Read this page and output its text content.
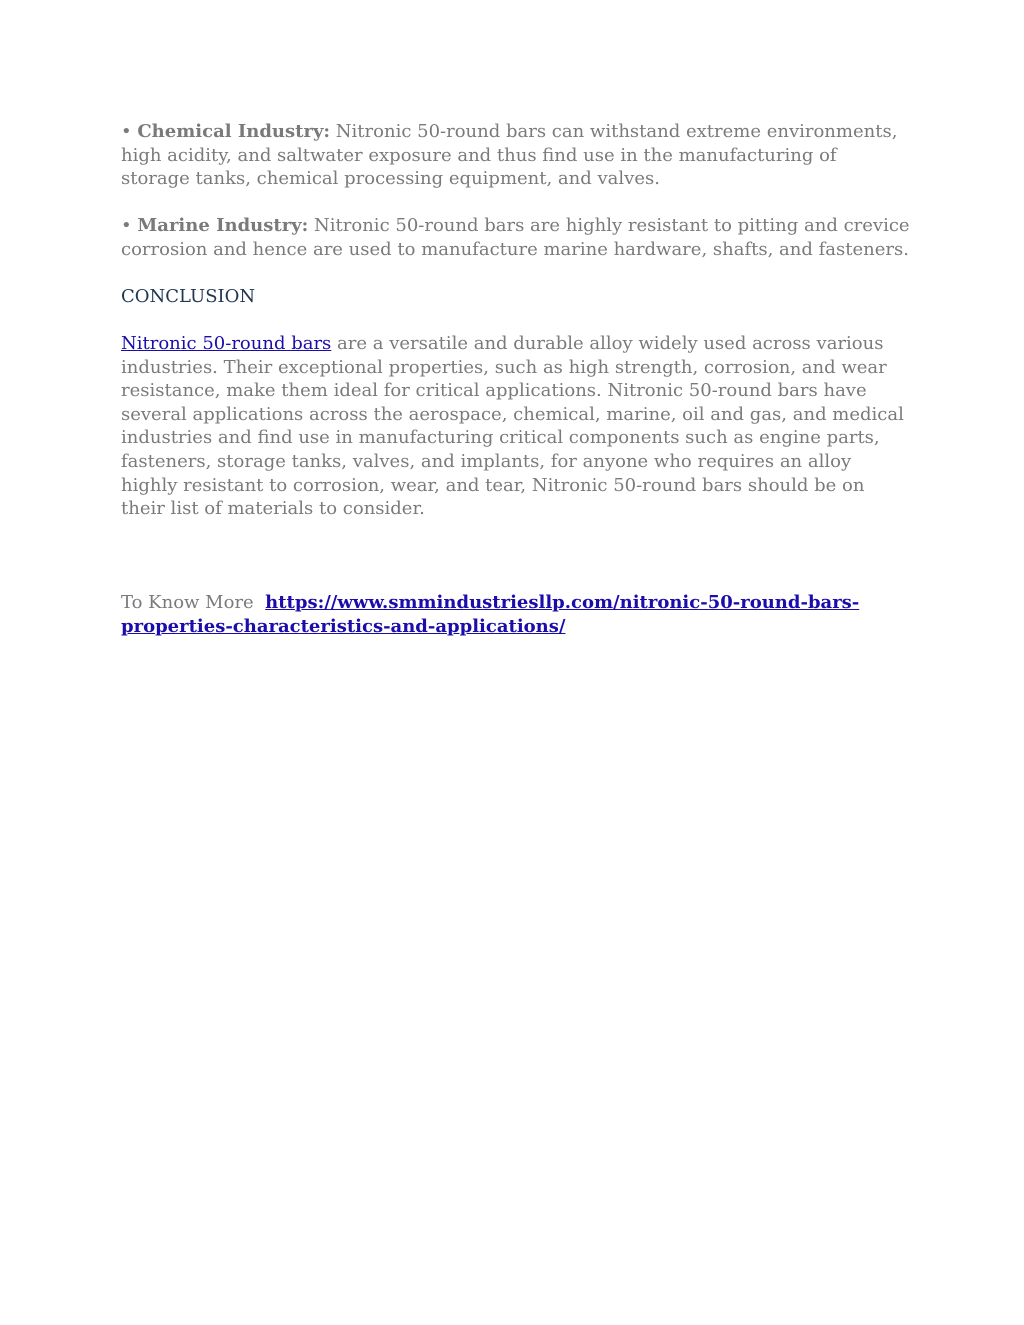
• Chemical Industry: Nitronic 50-round bars can withstand extreme environments, high acidity, and saltwater exposure and thus find use in the manufacturing of storage tanks, chemical processing equipment, and valves.

• Marine Industry: Nitronic 50-round bars are highly resistant to pitting and crevice corrosion and hence are used to manufacture marine hardware, shafts, and fasteners.

CONCLUSION

Nitronic 50-round bars are a versatile and durable alloy widely used across various industries. Their exceptional properties, such as high strength, corrosion, and wear resistance, make them ideal for critical applications. Nitronic 50-round bars have several applications across the aerospace, chemical, marine, oil and gas, and medical industries and find use in manufacturing critical components such as engine parts, fasteners, storage tanks, valves, and implants, for anyone who requires an alloy highly resistant to corrosion, wear, and tear, Nitronic 50-round bars should be on their list of materials to consider.

To Know More https://www.smmindustriesllp.com/nitronic-50-round-bars-properties-characteristics-and-applications/
